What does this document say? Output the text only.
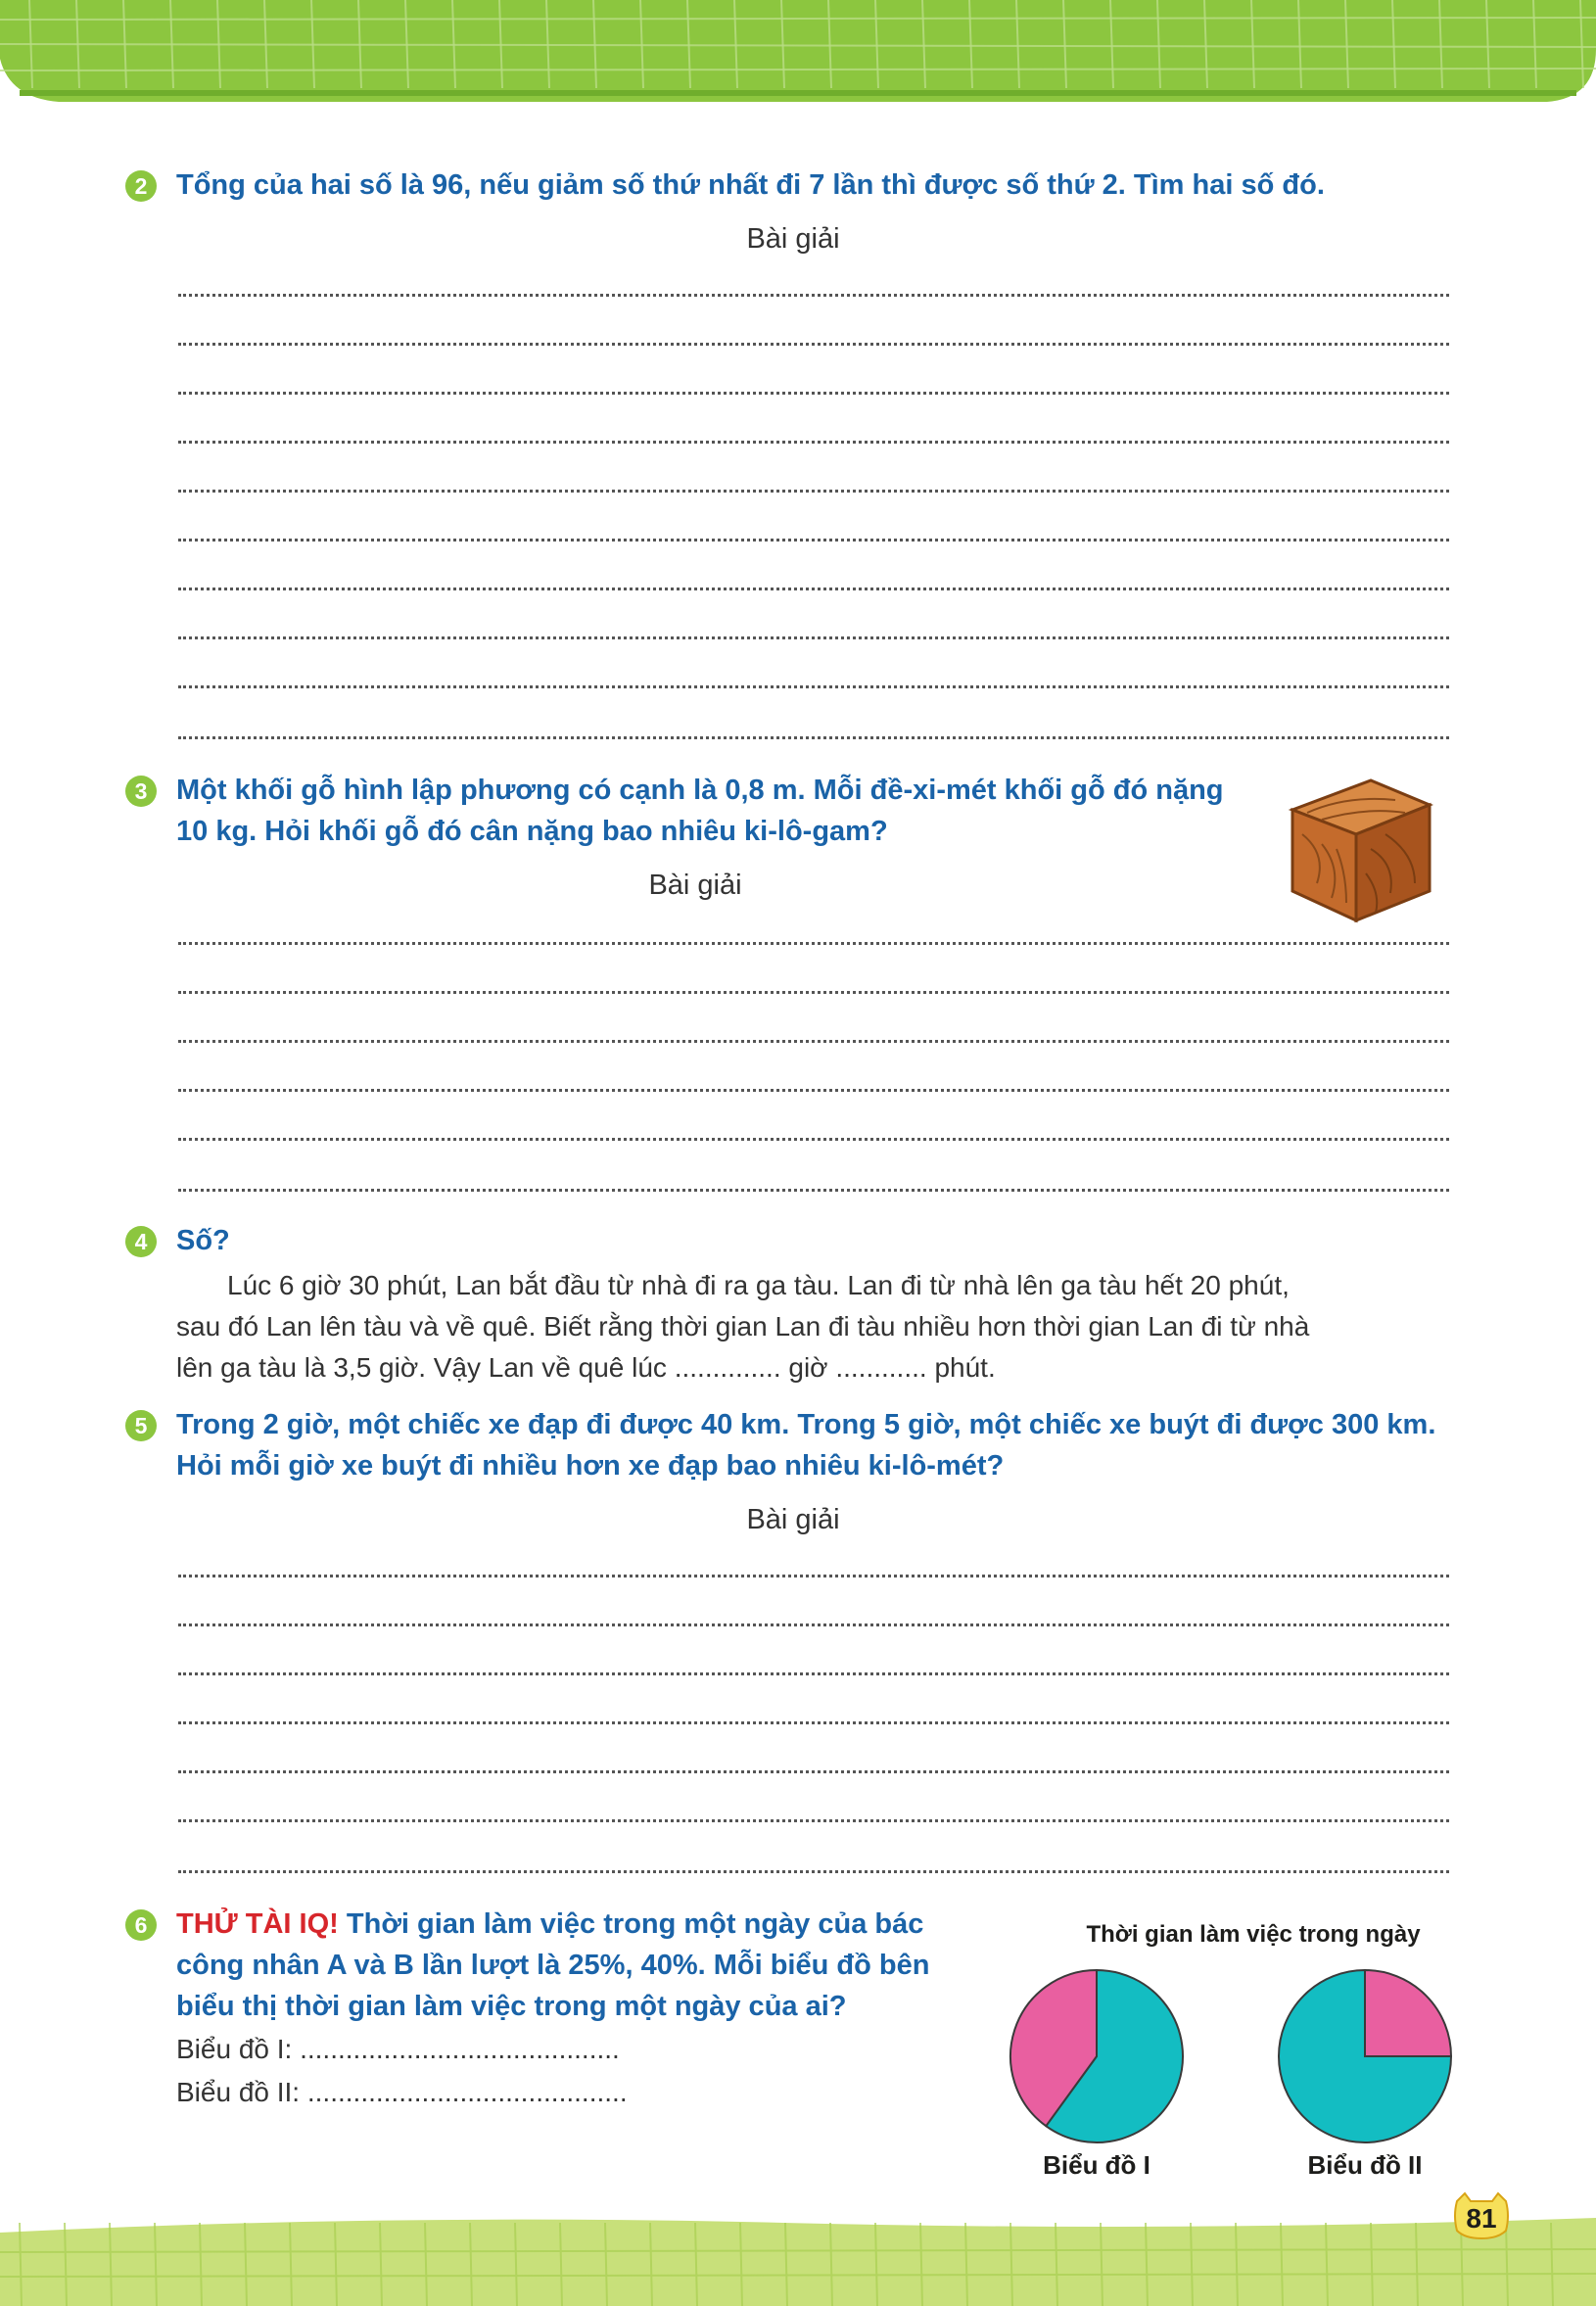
2	Tổng của hai số là 96, nếu giảm số thứ nhất đi 7 lần thì được số thứ 2. Tìm hai số đó.
Bài giải
3	Một khối gỗ hình lập phương có cạnh là 0,8 m. Mỗi đề-xi-mét khối gỗ đó nặng
10 kg. Hỏi khối gỗ đó cân nặng bao nhiêu ki-lô-gam?
Bài giải
4	Số?
Lúc 6 giờ 30 phút, Lan bắt đầu từ nhà đi ra ga tàu. Lan đi từ nhà lên ga tàu hết 20 phút,
sau đó Lan lên tàu và về quê. Biết rằng thời gian Lan đi tàu nhiều hơn thời gian Lan đi từ nhà
lên ga tàu là 3,5 giờ. Vậy Lan về quê lúc .............. giờ ............ phút.
5	Trong 2 giờ, một chiếc xe đạp đi được 40 km. Trong 5 giờ, một chiếc xe buýt đi được 300 km.
Hỏi mỗi giờ xe buýt đi nhiều hơn xe đạp bao nhiêu ki-lô-mét?
Bài giải
6	THỬ TÀI IQ! Thời gian làm việc trong một ngày của bác
công nhân A và B lần lượt là 25%, 40%. Mỗi biểu đồ bên
biểu thị thời gian làm việc trong một ngày của ai?
Biểu đồ I: ..........................................
Biểu đồ II: ..........................................
Thời gian làm việc trong ngày
Biểu đồ I	Biểu đồ II
81
